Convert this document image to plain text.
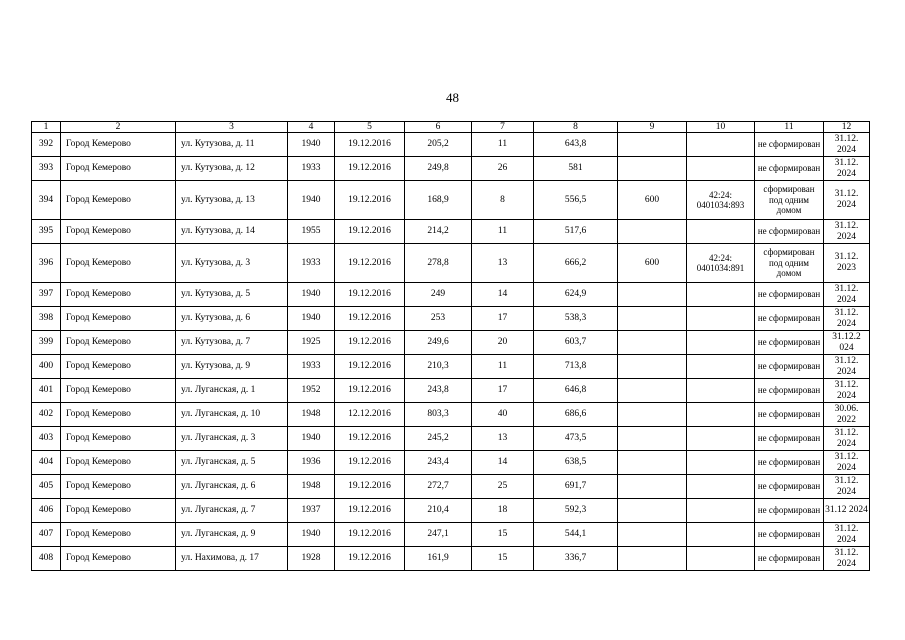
48
1	2	3	4	5	6	7	8	9	10	11	12
392	Город Кемерово	ул. Кутузова, д. 11	1940	19.12.2016	205,2	11	643,8			не сформирован	31.12. 2024
393	Город Кемерово	ул. Кутузова, д. 12	1933	19.12.2016	249,8	26	581			не сформирован	31.12. 2024
394	Город Кемерово	ул. Кутузова, д. 13	1940	19.12.2016	168,9	8	556,5	600	42:24: 0401034:893	сформирован под одним домом	31.12. 2024
395	Город Кемерово	ул. Кутузова, д. 14	1955	19.12.2016	214,2	11	517,6			не сформирован	31.12. 2024
396	Город Кемерово	ул. Кутузова, д. 3	1933	19.12.2016	278,8	13	666,2	600	42:24: 0401034:891	сформирован под одним домом	31.12. 2023
397	Город Кемерово	ул. Кутузова, д. 5	1940	19.12.2016	249	14	624,9			не сформирован	31.12. 2024
398	Город Кемерово	ул. Кутузова, д. 6	1940	19.12.2016	253	17	538,3			не сформирован	31.12. 2024
399	Город Кемерово	ул. Кутузова, д. 7	1925	19.12.2016	249,6	20	603,7			не сформирован	31.12.2 024
400	Город Кемерово	ул. Кутузова, д. 9	1933	19.12.2016	210,3	11	713,8			не сформирован	31.12. 2024
401	Город Кемерово	ул. Луганская, д. 1	1952	19.12.2016	243,8	17	646,8			не сформирован	31.12. 2024
402	Город Кемерово	ул. Луганская, д. 10	1948	12.12.2016	803,3	40	686,6			не сформирован	30.06. 2022
403	Город Кемерово	ул. Луганская, д. 3	1940	19.12.2016	245,2	13	473,5			не сформирован	31.12. 2024
404	Город Кемерово	ул. Луганская, д. 5	1936	19.12.2016	243,4	14	638,5			не сформирован	31.12. 2024
405	Город Кемерово	ул. Луганская, д. 6	1948	19.12.2016	272,7	25	691,7			не сформирован	31.12. 2024
406	Город Кемерово	ул. Луганская, д. 7	1937	19.12.2016	210,4	18	592,3			не сформирован	31.12 2024
407	Город Кемерово	ул. Луганская, д. 9	1940	19.12.2016	247,1	15	544,1			не сформирован	31.12. 2024
408	Город Кемерово	ул. Нахимова, д. 17	1928	19.12.2016	161,9	15	336,7			не сформирован	31.12. 2024
